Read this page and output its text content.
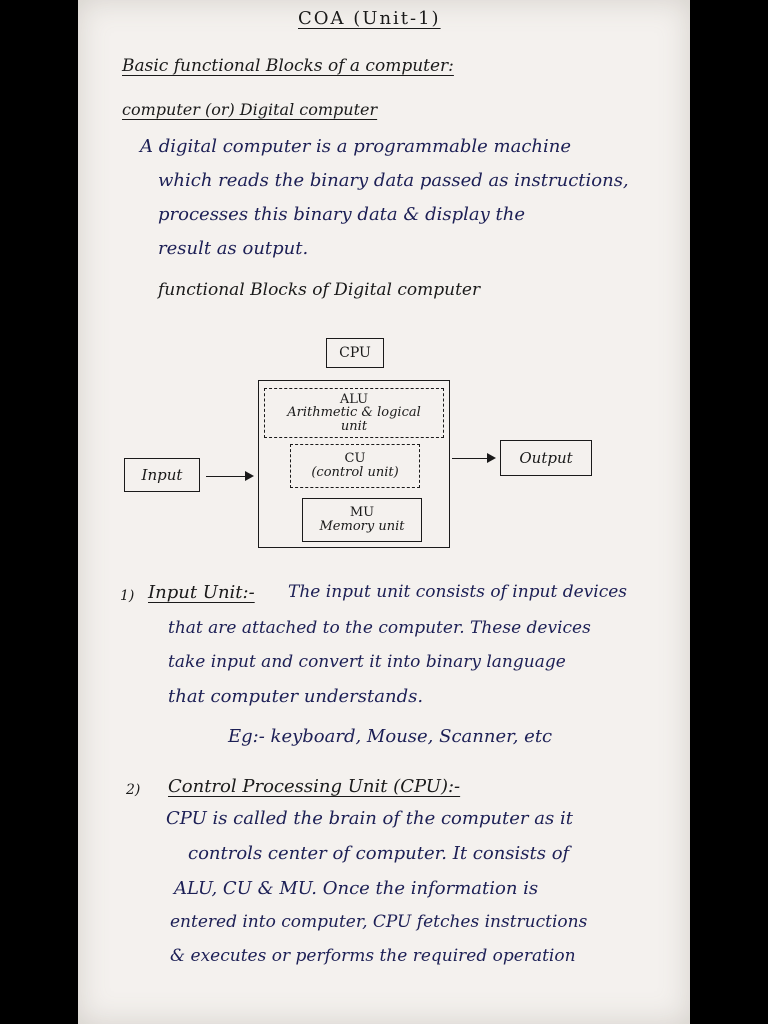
COA (Unit-1)
Basic functional Blocks of a computer:
computer (or) Digital computer
A digital computer is a programmable machine
which reads the binary data passed as instructions,
processes this binary data & display the
result as output.
functional Blocks of Digital computer
CPU
ALU
Arithmetic & logical
unit
CU
(control unit)
MU
Memory unit
Input
Output
1) Input Unit:- The input unit consists of input devices
that are attached to the computer. These devices
take input and convert it into binary language
that computer understands.
Eg:- keyboard, Mouse, Scanner, etc
2) Control Processing Unit (CPU):-
CPU is called the brain of the computer as it
controls center of computer. It consists of
ALU, CU & MU. Once the information is
entered into computer, CPU fetches instructions
& executes or performs the required operation
